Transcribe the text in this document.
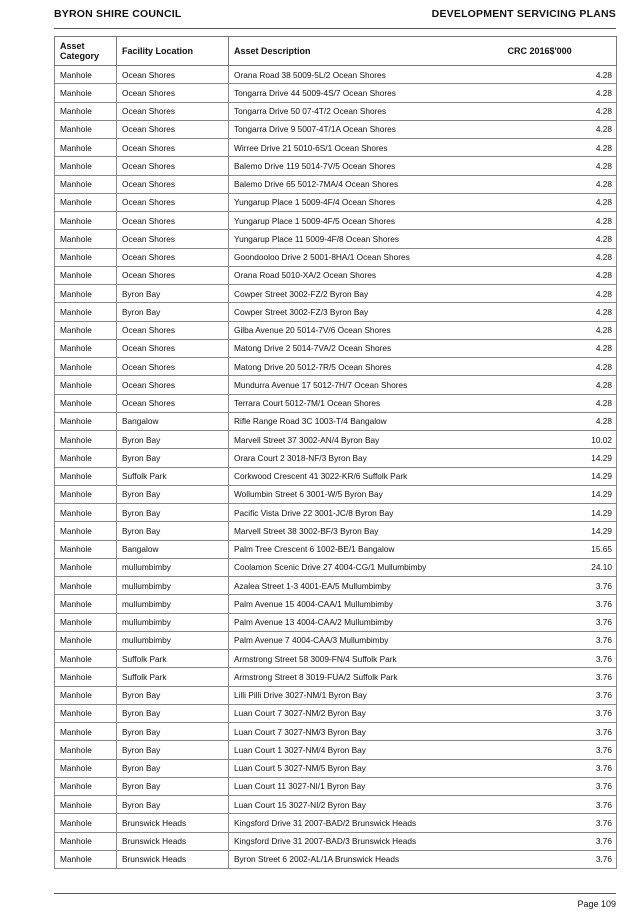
BYRON SHIRE COUNCIL	DEVELOPMENT SERVICING PLANS
Asset Category	Facility Location	Asset Description	CRC 2016$'000
Manhole	Ocean Shores	Orana Road 38 5009-5L/2 Ocean Shores	4.28
Manhole	Ocean Shores	Tongarra Drive 44 5009-4S/7 Ocean Shores	4.28
Manhole	Ocean Shores	Tongarra Drive 50 07-4T/2 Ocean Shores	4.28
Manhole	Ocean Shores	Tongarra Drive 9 5007-4T/1A Ocean Shores	4.28
Manhole	Ocean Shores	Wirree Drive 21 5010-6S/1 Ocean Shores	4.28
Manhole	Ocean Shores	Balemo Drive 119 5014-7V/5 Ocean Shores	4.28
Manhole	Ocean Shores	Balemo Drive 65 5012-7MA/4 Ocean Shores	4.28
Manhole	Ocean Shores	Yungarup Place 1 5009-4F/4 Ocean Shores	4.28
Manhole	Ocean Shores	Yungarup Place 1 5009-4F/5 Ocean Shores	4.28
Manhole	Ocean Shores	Yungarup Place 11 5009-4F/8 Ocean Shores	4.28
Manhole	Ocean Shores	Goondooloo Drive 2 5001-8HA/1 Ocean Shores	4.28
Manhole	Ocean Shores	Orana Road 5010-XA/2 Ocean Shores	4.28
Manhole	Byron Bay	Cowper Street 3002-FZ/2 Byron Bay	4.28
Manhole	Byron Bay	Cowper Street 3002-FZ/3 Byron Bay	4.28
Manhole	Ocean Shores	Gilba Avenue 20 5014-7V/6 Ocean Shores	4.28
Manhole	Ocean Shores	Matong Drive 2 5014-7VA/2 Ocean Shores	4.28
Manhole	Ocean Shores	Matong Drive 20 5012-7R/5 Ocean Shores	4.28
Manhole	Ocean Shores	Mundurra Avenue 17 5012-7H/7 Ocean Shores	4.28
Manhole	Ocean Shores	Terrara Court 5012-7M/1 Ocean Shores	4.28
Manhole	Bangalow	Rifle Range Road 3C 1003-T/4 Bangalow	4.28
Manhole	Byron Bay	Marvell Street 37 3002-AN/4 Byron Bay	10.02
Manhole	Byron Bay	Orara Court 2 3018-NF/3 Byron Bay	14.29
Manhole	Suffolk Park	Corkwood Crescent 41 3022-KR/6 Suffolk Park	14.29
Manhole	Byron Bay	Wollumbin Street 6 3001-W/5 Byron Bay	14.29
Manhole	Byron Bay	Pacific Vista Drive 22 3001-JC/8 Byron Bay	14.29
Manhole	Byron Bay	Marvell Street 38 3002-BF/3 Byron Bay	14.29
Manhole	Bangalow	Palm Tree Crescent 6 1002-BE/1 Bangalow	15.65
Manhole	mullumbimby	Coolamon Scenic Drive 27 4004-CG/1 Mullumbimby	24.10
Manhole	mullumbimby	Azalea Street 1-3 4001-EA/5 Mullumbimby	3.76
Manhole	mullumbimby	Palm Avenue 15 4004-CAA/1 Mullumbimby	3.76
Manhole	mullumbimby	Palm Avenue 13 4004-CAA/2 Mullumbimby	3.76
Manhole	mullumbimby	Palm Avenue 7 4004-CAA/3 Mullumbimby	3.76
Manhole	Suffolk Park	Armstrong Street 58 3009-FN/4 Suffolk Park	3.76
Manhole	Suffolk Park	Armstrong Street 8 3019-FUA/2 Suffolk Park	3.76
Manhole	Byron Bay	Lilli Pilli Drive 3027-NM/1 Byron Bay	3.76
Manhole	Byron Bay	Luan Court 7 3027-NM/2 Byron Bay	3.76
Manhole	Byron Bay	Luan Court 7 3027-NM/3 Byron Bay	3.76
Manhole	Byron Bay	Luan Court 1 3027-NM/4 Byron Bay	3.76
Manhole	Byron Bay	Luan Court 5 3027-NM/5 Byron Bay	3.76
Manhole	Byron Bay	Luan Court 11 3027-NI/1 Byron Bay	3.76
Manhole	Byron Bay	Luan Court 15 3027-NI/2 Byron Bay	3.76
Manhole	Brunswick Heads	Kingsford Drive 31 2007-BAD/2 Brunswick Heads	3.76
Manhole	Brunswick Heads	Kingsford Drive 31 2007-BAD/3 Brunswick Heads	3.76
Manhole	Brunswick Heads	Byron Street 6 2002-AL/1A Brunswick Heads	3.76
Page 109
